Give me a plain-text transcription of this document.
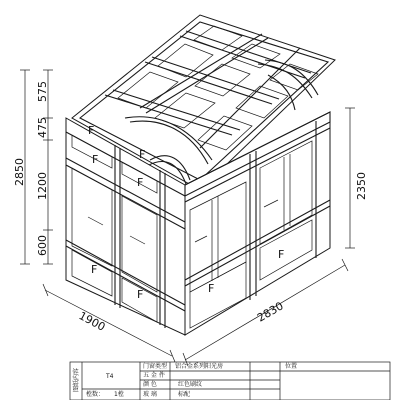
F
F
F
F
F
F	F
F
575
475
1200
600
2850	2350
2830
1900
图纸内容	T4
樘数： 1樘
门窗类型 铝合金系列阳光房	位置
五 金 件
颜 色	红色刷纹
玻 璃	标配
